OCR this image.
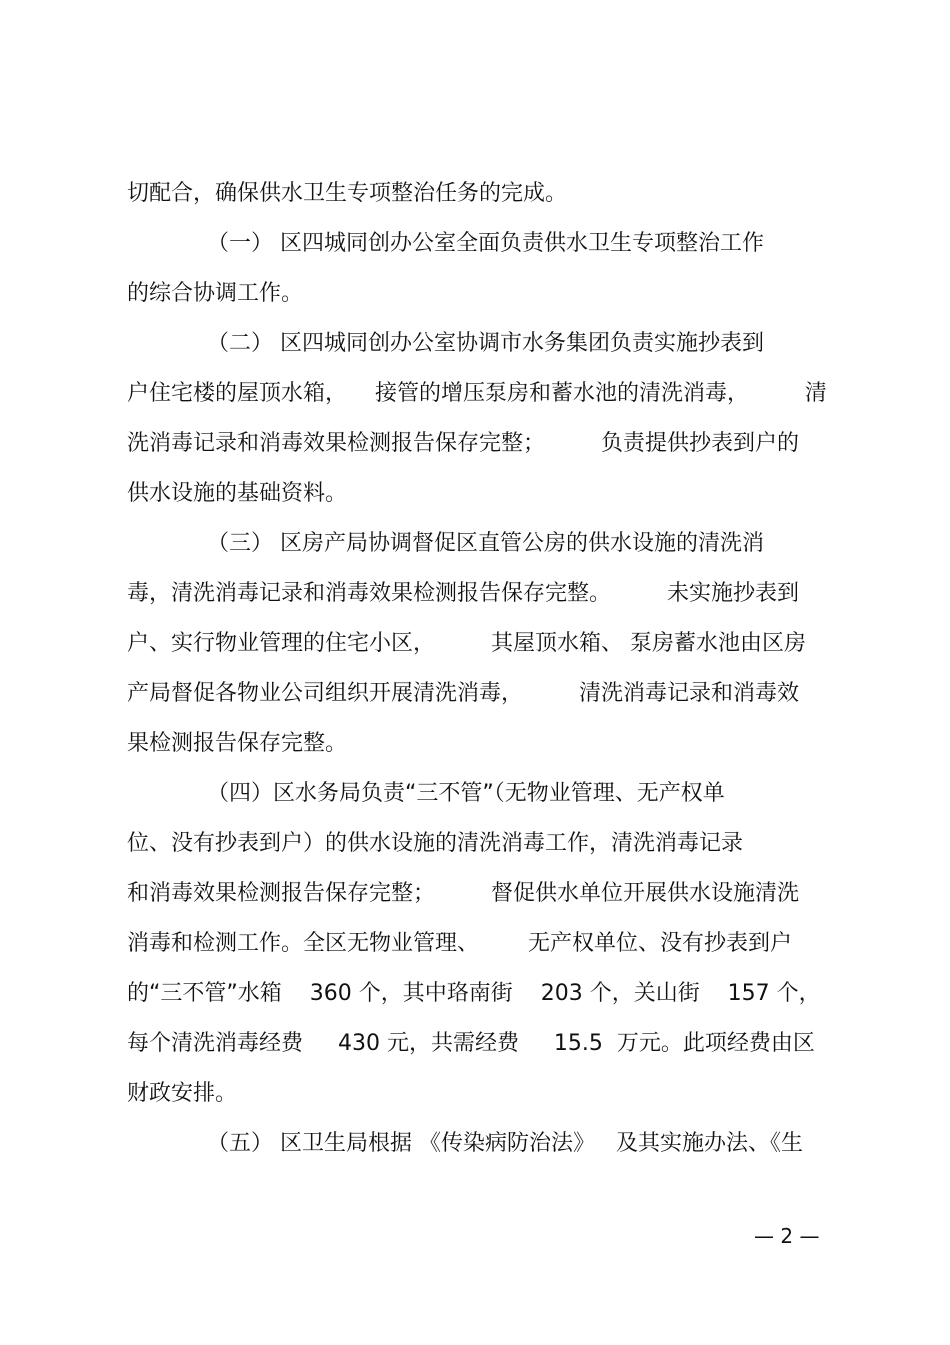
切配合，确保供水卫生专项整治任务的完成。
（一） 区四城同创办公室全面负责供水卫生专项整治工作
的综合协调工作。
（二） 区四城同创办公室协调市水务集团负责实施抄表到
户住宅楼的屋顶水箱，    接管的增压泵房和蓄水池的清洗消毒，        清
洗消毒记录和消毒效果检测报告保存完整；        负责提供抄表到户的
供水设施的基础资料。
（三） 区房产局协调督促区直管公房的供水设施的清洗消
毒，清洗消毒记录和消毒效果检测报告保存完整。        未实施抄表到
户、实行物业管理的住宅小区，        其屋顶水箱、 泵房蓄水池由区房
产局督促各物业公司组织开展清洗消毒，        清洗消毒记录和消毒效
果检测报告保存完整。
（四）区水务局负责“三不管”（无物业管理、无产权单
位、没有抄表到户）的供水设施的清洗消毒工作，清洗消毒记录
和消毒效果检测报告保存完整；        督促供水单位开展供水设施清洗
消毒和检测工作。全区无物业管理、       无产权单位、没有抄表到户
的“三不管”水箱    360 个，其中珞南街    203 个，关山街    157 个，
每个清洗消毒经费     430 元，共需经费     15.5  万元。此项经费由区
财政安排。
（五） 区卫生局根据 《传染病防治法》   及其实施办法、《生
— 2 —
